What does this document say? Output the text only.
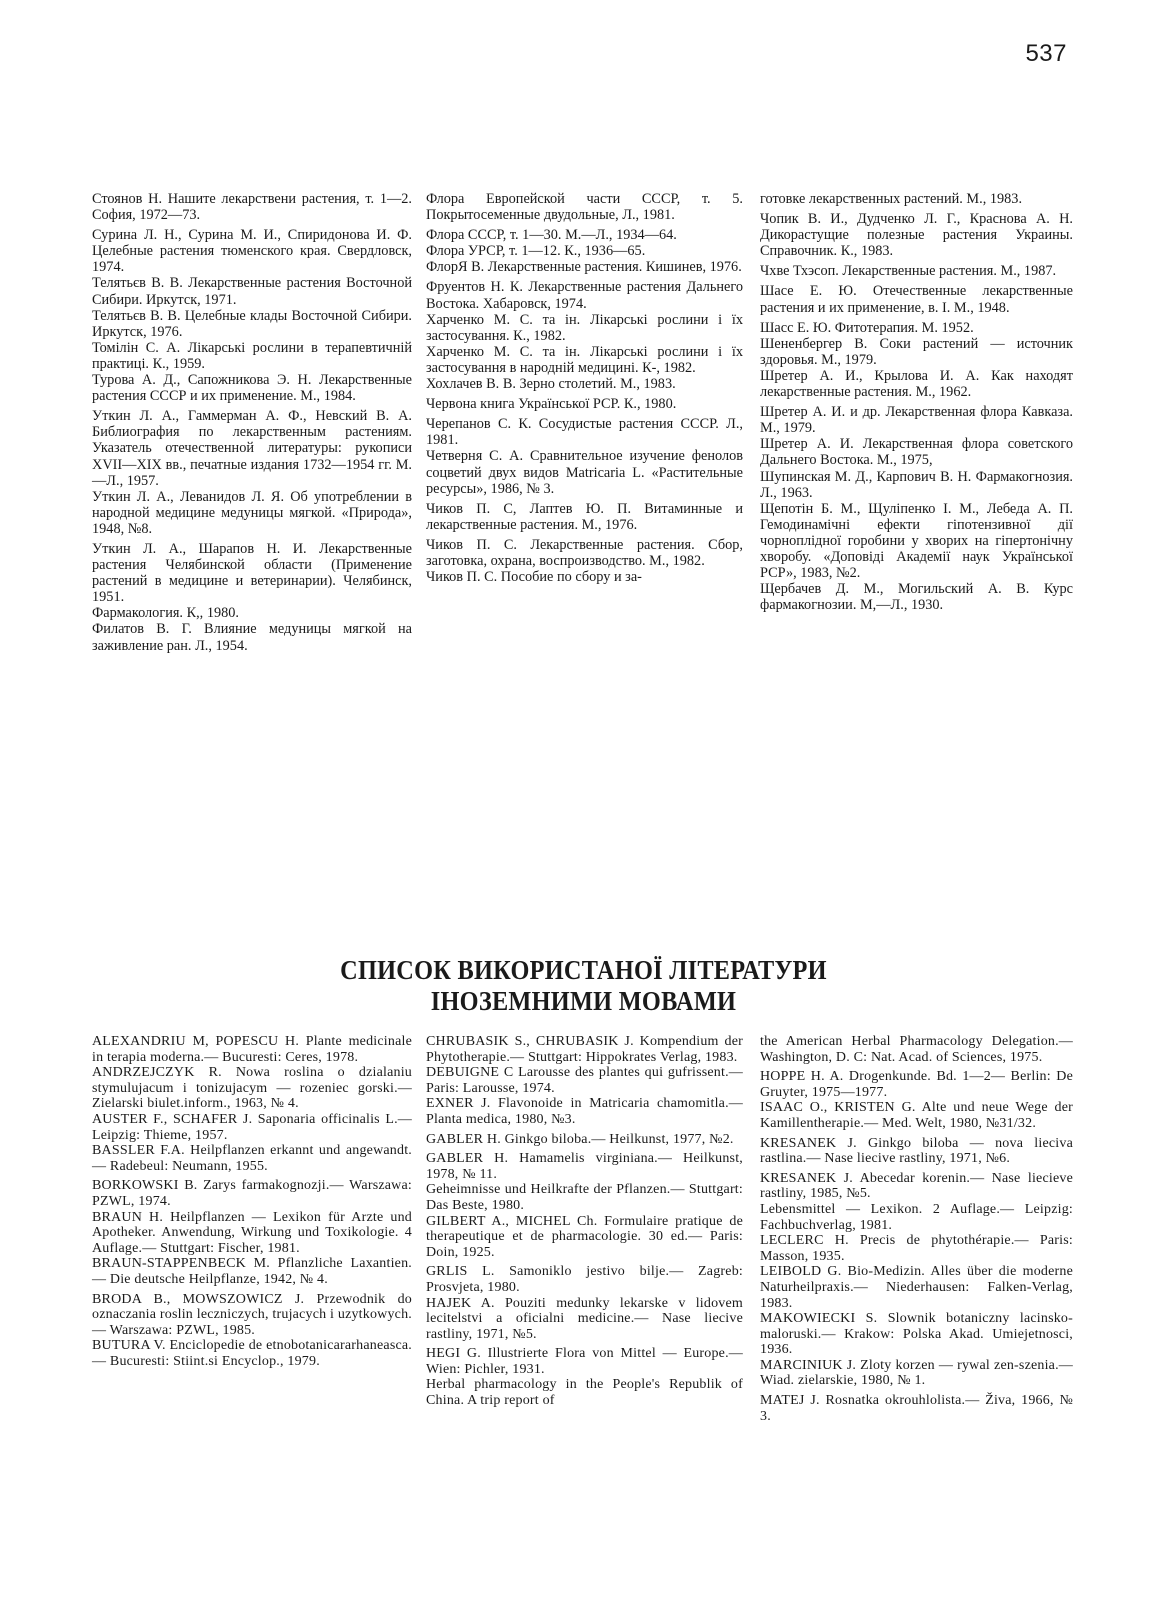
537

Стоянов Н. Нашите лекарствени растения, т. 1—2. София, 1972—73.

Сурина Л. Н., Сурина М. И., Спиридонова И. Ф. Целебные растения тюменского края. Свердловск, 1974.

Телятьєв В. В. Лекарственные растения Восточной Сибири. Иркутск, 1971.

Телятьєв В. В. Целебные клады Восточной Сибири. Иркутск, 1976.

Томілін С. А. Лікарські рослини в терапевтичній практиці. К., 1959.

Турова А. Д., Сапожникова Э. Н. Лекарственные растения СССР и их применение. М., 1984.

Уткин Л. А., Гаммерман А. Ф., Невский В. А. Библиография по лекарственным растениям. Указатель отечественной литературы: рукописи XVII—XIX вв., печатные издания 1732—1954 гг. М.—Л., 1957.

Уткин Л. А., Леванидов Л. Я. Об употреблении в народной медицине медуницы мягкой. «Природа», 1948, №8.

Уткин Л. А., Шарапов Н. И. Лекарственные растения Челябинской области (Применение растений в медицине и ветеринарии). Челябинск, 1951.

Фармакология. К,, 1980.

Филатов В. Г. Влияние медуницы мягкой на заживление ран. Л., 1954.

Флора Европейской части СССР, т. 5. Покрытосеменные двудольные, Л., 1981.

Флора СССР, т. 1—30. М.—Л., 1934—64.

Флора УРСР, т. 1—12. К., 1936—65.

ФлорЯ В. Лекарственные растения. Кишинев, 1976.

Фруентов Н. К. Лекарственные растения Дальнего Востока. Хабаровск, 1974.

Харченко М. С. та ін. Лікарські рослини і їх застосування. К., 1982.

Харченко М. С. та ін. Лікарські рослини і їх застосування в народній медицині. К-, 1982.

Хохлачев В. В. Зерно столетий. М., 1983.

Червона книга Української РСР. К., 1980.

Черепанов С. К. Сосудистые растения СССР. Л., 1981.

Четверня С. А. Сравнительное изучение фенолов соцветий двух видов Matricaria L. «Растительные ресурсы», 1986, № 3.

Чиков П. С, Лаптев Ю. П. Витаминные и лекарственные растения. М., 1976.

Чиков П. С. Лекарственные растения. Сбор, заготовка, охрана, воспроизводство. М., 1982.

Чиков П. С. Пособие по сбору и за-

готовке лекарственных растений. М., 1983.

Чопик В. И., Дудченко Л. Г., Краснова А. Н. Дикорастущие полезные растения Украины. Справочник. К., 1983.

Чхве Тхэсоп. Лекарственные растения. М., 1987.

Шасе Е. Ю. Отечественные лекарственные растения и их применение, в. I. М., 1948.

Шасс Е. Ю. Фитотерапия. М. 1952.

Шененбергер В. Соки растений — источник здоровья. М., 1979.

Шретер А. И., Крылова И. А. Как находят лекарственные растения. М., 1962.

Шретер А. И. и др. Лекарственная флора Кавказа. М., 1979.

Шретер А. И. Лекарственная флора советского Дальнего Востока. М., 1975,

Шупинская М. Д., Карпович В. Н. Фармакогнозия. Л., 1963.

Щепотін Б. М., Щуліпенко І. М., Лебеда А. П. Гемодинамічні ефекти гіпотензивної дії чорноплідної горобини у хворих на гіпертонічну хворобу. «Доповіді Академії наук Української РСР», 1983, №2.

Щербачев Д. М., Могильский А. В. Курс фармакогнозии. М,—Л., 1930.

СПИСОК ВИКОРИСТАНОЇ ЛІТЕРАТУРИ
ІНОЗЕМНИМИ МОВАМИ

ALEXANDRIU M, POPESCU H. Plante medicinale in terapia moderna.— Bucuresti: Ceres, 1978.

ANDRZEJCZYK R. Nowa roslina o dzialaniu stymulujacum i tonizujacym — rozeniec gorski.— Zielarski biulet.inform., 1963, № 4.

AUSTER F., SCHAFER J. Saponaria officinalis L.— Leipzig: Thieme, 1957.

BASSLER F.A. Heilpflanzen erkannt und angewandt.— Radebeul: Neumann, 1955.

BORKOWSKI B. Zarys farmakognozji.— Warszawa: PZWL, 1974.

BRAUN H. Heilpflanzen — Lexikon für Arzte und Apotheker. Anwendung, Wirkung und Toxikologie. 4 Auflage.— Stuttgart: Fischer, 1981.

BRAUN-STAPPENBECK M. Pflanzliche Laxantien.— Die deutsche Heilpflanze, 1942, № 4.

BRODA B., MOWSZOWICZ J. Przewodnik do oznaczania roslin leczniczych, trujacych i uzytkowych.— Warszawa: PZWL, 1985.

BUTURA V. Enciclopedie de etnobotanicararhaneasca.— Bucuresti: Stiint.si Encyclop., 1979.

CHRUBASIK S., CHRUBASIK J. Kompendium der Phytotherapie.— Stuttgart: Hippokrates Verlag, 1983.

DEBUIGNE C Larousse des plantes qui gufrissent.— Paris: Larousse, 1974.

EXNER J. Flavonoide in Matricaria chamomitla.— Planta medica, 1980, №3.

GABLER H. Ginkgo biloba.— Heilkunst, 1977, №2.

GABLER H. Hamamelis virginiana.— Heilkunst, 1978, № 11.

Geheimnisse und Heilkrafte der Pflanzen.— Stuttgart: Das Beste, 1980.

GILBERT A., MICHEL Ch. Formulaire pratique de therapeutique et de pharmacologie. 30 ed.— Paris: Doin, 1925.

GRLIS L. Samoniklo jestivo bilje.— Zagreb: Prosvjeta, 1980.

HAJEK A. Pouziti medunky lekarske v lidovem lecitelstvi a oficialni medicine.— Nase liecive rastliny, 1971, №5.

HEGI G. Illustrierte Flora von Mittel — Europe.— Wien: Pichler, 1931.

Herbal pharmacology in the People's Republik of China. A trip report of

the American Herbal Pharmacology Delegation.— Washington, D. C: Nat. Acad. of Sciences, 1975.

HOPPE H. A. Drogenkunde. Bd. 1—2— Berlin: De Gruyter, 1975—1977.

ISAAC O., KRISTEN G. Alte und neue Wege der Kamillentherapie.— Med. Welt, 1980, №31/32.

KRESANEK J. Ginkgo biloba — nova lieciva rastlina.— Nase liecive rastliny, 1971, №6.

KRESANEK J. Abecedar korenin.— Nase liecieve rastliny, 1985, №5.

Lebensmittel — Lexikon. 2 Auflage.— Leipzig: Fachbuchverlag, 1981.

LECLERC H. Precis de phytothérapie.— Paris: Masson, 1935.

LEIBOLD G. Bio-Medizin. Alles über die moderne Naturheilpraxis.— Niederhausen: Falken-Verlag, 1983.

MAKOWIECKI S. Slownik botaniczny lacinsko-maloruski.— Krakow: Polska Akad. Umiejetnosci, 1936.

MARCINIUK J. Zloty korzen — rywal zen-szenia.— Wiad. zielarskie, 1980, № 1.

MATEJ J. Rosnatka okrouhlolista.— Živa, 1966, № 3.
